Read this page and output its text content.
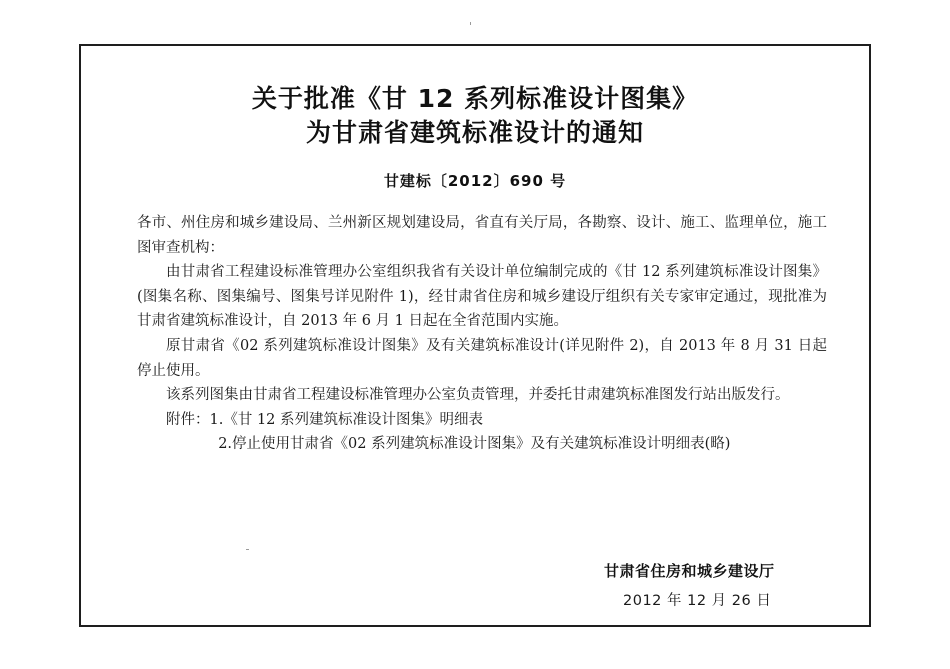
关于批准《甘 12 系列标准设计图集》
为甘肃省建筑标准设计的通知
甘建标〔2012〕690 号

各市、州住房和城乡建设局、兰州新区规划建设局，省直有关厅局，各勘察、设计、施工、监理单位，施工图审查机构：

由甘肃省工程建设标准管理办公室组织我省有关设计单位编制完成的《甘 12 系列建筑标准设计图集》(图集名称、图集编号、图集号详见附件 1)，经甘肃省住房和城乡建设厅组织有关专家审定通过，现批准为甘肃省建筑标准设计，自 2013 年 6 月 1 日起在全省范围内实施。

原甘肃省《02 系列建筑标准设计图集》及有关建筑标准设计(详见附件 2)，自 2013 年 8 月 31 日起停止使用。

该系列图集由甘肃省工程建设标准管理办公室负责管理，并委托甘肃建筑标准图发行站出版发行。

附件：1.《甘 12 系列建筑标准设计图集》明细表

2.停止使用甘肃省《02 系列建筑标准设计图集》及有关建筑标准设计明细表(略)

甘肃省住房和城乡建设厅
2012 年 12 月 26 日
